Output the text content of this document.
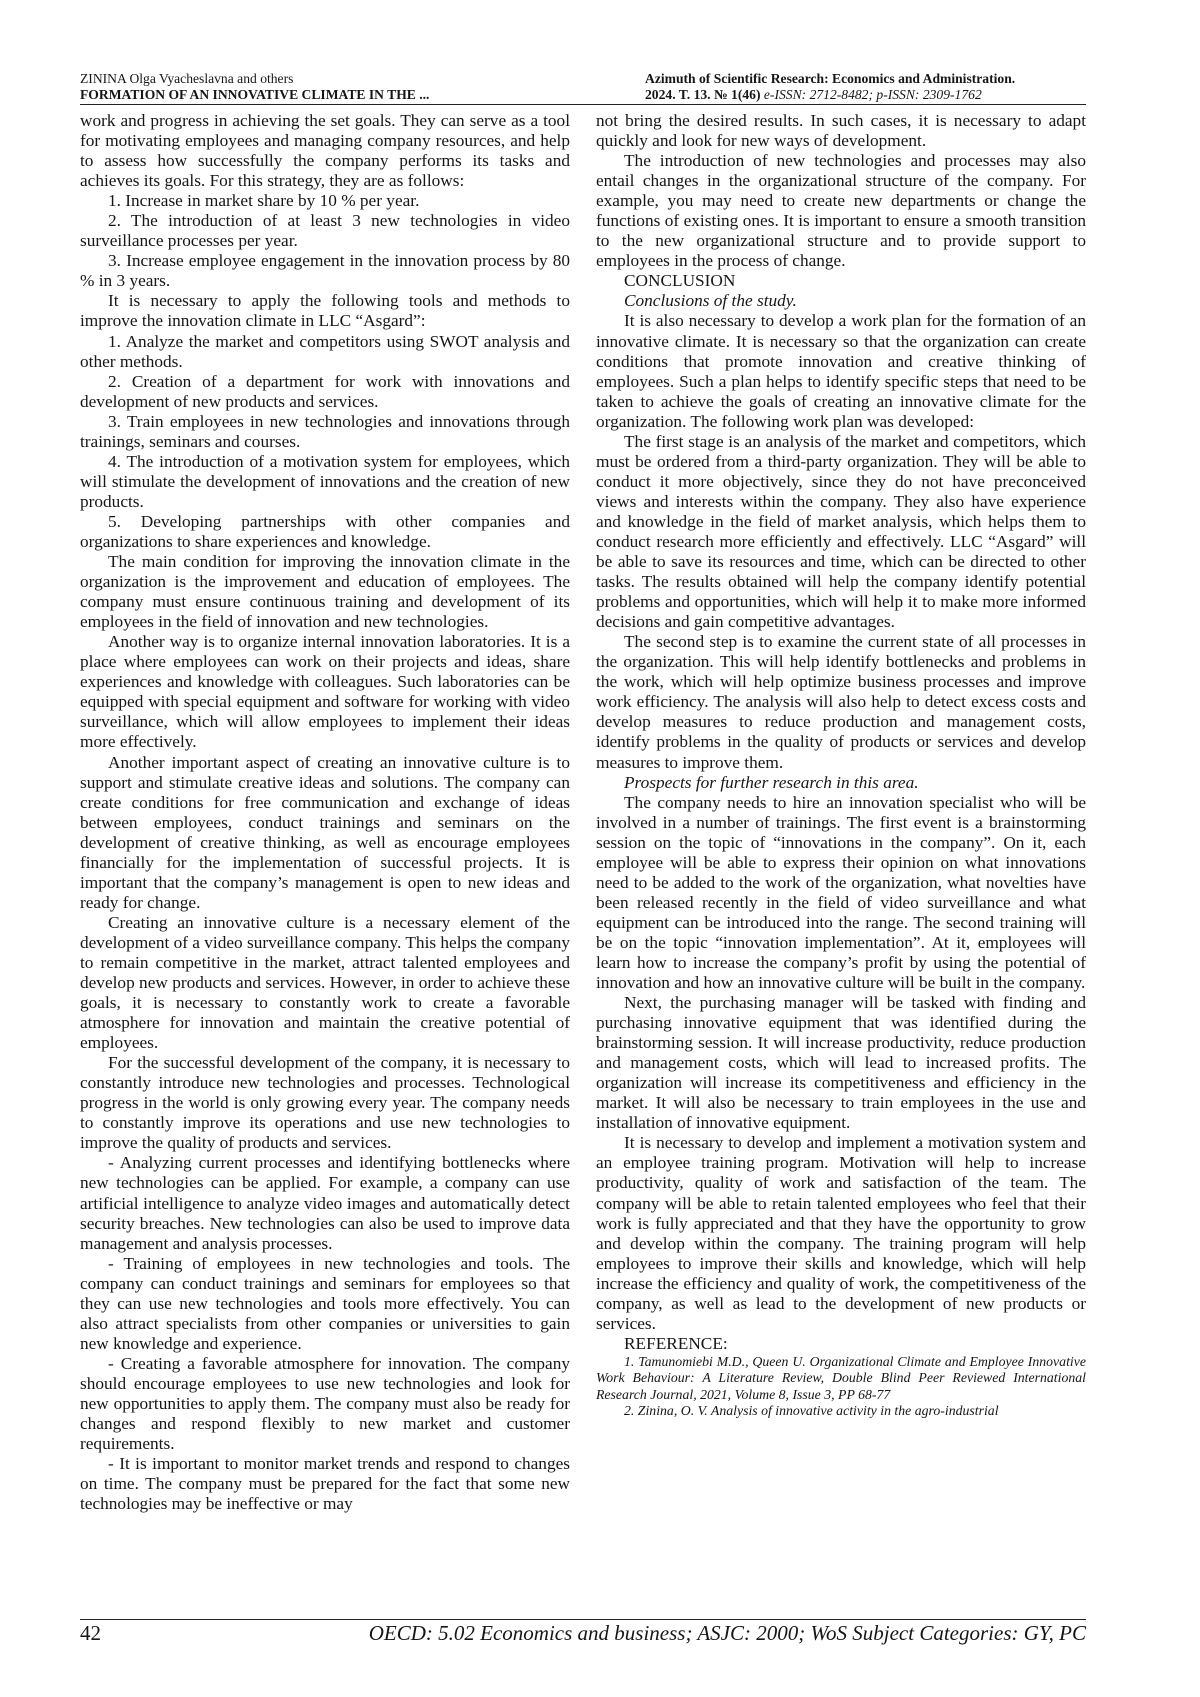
ZININA Olga Vyacheslavna and others
FORMATION OF AN INNOVATIVE CLIMATE IN THE ...
Azimuth of Scientific Research: Economics and Administration.
2024. T. 13. № 1(46) e-ISSN: 2712-8482; p-ISSN: 2309-1762

work and progress in achieving the set goals. They can serve as a tool for motivating employees and managing company resources, and help to assess how successfully the company performs its tasks and achieves its goals. For this strategy, they are as follows:

1. Increase in market share by 10 % per year.

2. The introduction of at least 3 new technologies in video surveillance processes per year.

3. Increase employee engagement in the innovation process by 80 % in 3 years.

It is necessary to apply the following tools and methods to improve the innovation climate in LLC “Asgard”:

1. Analyze the market and competitors using SWOT analysis and other methods.

2. Creation of a department for work with innovations and development of new products and services.

3. Train employees in new technologies and innovations through trainings, seminars and courses.

4. The introduction of a motivation system for employees, which will stimulate the development of innovations and the creation of new products.

5. Developing partnerships with other companies and organizations to share experiences and knowledge.

The main condition for improving the innovation climate in the organization is the improvement and education of employees. The company must ensure continuous training and development of its employees in the field of innovation and new technologies.

Another way is to organize internal innovation laboratories. It is a place where employees can work on their projects and ideas, share experiences and knowledge with colleagues. Such laboratories can be equipped with special equipment and software for working with video surveillance, which will allow employees to implement their ideas more effectively.

Another important aspect of creating an innovative culture is to support and stimulate creative ideas and solutions. The company can create conditions for free communication and exchange of ideas between employees, conduct trainings and seminars on the development of creative thinking, as well as encourage employees financially for the implementation of successful projects. It is important that the company’s management is open to new ideas and ready for change.

Creating an innovative culture is a necessary element of the development of a video surveillance company. This helps the company to remain competitive in the market, attract talented employees and develop new products and services. However, in order to achieve these goals, it is necessary to constantly work to create a favorable atmosphere for innovation and maintain the creative potential of employees.

For the successful development of the company, it is necessary to constantly introduce new technologies and processes. Technological progress in the world is only growing every year. The company needs to constantly improve its operations and use new technologies to improve the quality of products and services.

- Analyzing current processes and identifying bottlenecks where new technologies can be applied. For example, a company can use artificial intelligence to analyze video images and automatically detect security breaches. New technologies can also be used to improve data management and analysis processes.

- Training of employees in new technologies and tools. The company can conduct trainings and seminars for employees so that they can use new technologies and tools more effectively. You can also attract specialists from other companies or universities to gain new knowledge and experience.

- Creating a favorable atmosphere for innovation. The company should encourage employees to use new technologies and look for new opportunities to apply them. The company must also be ready for changes and respond flexibly to new market and customer requirements.

- It is important to monitor market trends and respond to changes on time. The company must be prepared for the fact that some new technologies may be ineffective or may

not bring the desired results. In such cases, it is necessary to adapt quickly and look for new ways of development.

The introduction of new technologies and processes may also entail changes in the organizational structure of the company. For example, you may need to create new departments or change the functions of existing ones. It is important to ensure a smooth transition to the new organizational structure and to provide support to employees in the process of change.

CONCLUSION

Conclusions of the study.

It is also necessary to develop a work plan for the formation of an innovative climate. It is necessary so that the organization can create conditions that promote innovation and creative thinking of employees. Such a plan helps to identify specific steps that need to be taken to achieve the goals of creating an innovative climate for the organization. The following work plan was developed:

The first stage is an analysis of the market and competitors, which must be ordered from a third-party organization. They will be able to conduct it more objectively, since they do not have preconceived views and interests within the company. They also have experience and knowledge in the field of market analysis, which helps them to conduct research more efficiently and effectively. LLC “Asgard” will be able to save its resources and time, which can be directed to other tasks. The results obtained will help the company identify potential problems and opportunities, which will help it to make more informed decisions and gain competitive advantages.

The second step is to examine the current state of all processes in the organization. This will help identify bottlenecks and problems in the work, which will help optimize business processes and improve work efficiency. The analysis will also help to detect excess costs and develop measures to reduce production and management costs, identify problems in the quality of products or services and develop measures to improve them.

Prospects for further research in this area.

The company needs to hire an innovation specialist who will be involved in a number of trainings. The first event is a brainstorming session on the topic of “innovations in the company”. On it, each employee will be able to express their opinion on what innovations need to be added to the work of the organization, what novelties have been released recently in the field of video surveillance and what equipment can be introduced into the range. The second training will be on the topic “innovation implementation”. At it, employees will learn how to increase the company’s profit by using the potential of innovation and how an innovative culture will be built in the company.

Next, the purchasing manager will be tasked with finding and purchasing innovative equipment that was identified during the brainstorming session. It will increase productivity, reduce production and management costs, which will lead to increased profits. The organization will increase its competitiveness and efficiency in the market. It will also be necessary to train employees in the use and installation of innovative equipment.

It is necessary to develop and implement a motivation system and an employee training program. Motivation will help to increase productivity, quality of work and satisfaction of the team. The company will be able to retain talented employees who feel that their work is fully appreciated and that they have the opportunity to grow and develop within the company. The training program will help employees to improve their skills and knowledge, which will help increase the efficiency and quality of work, the competitiveness of the company, as well as lead to the development of new products or services.

REFERENCE:

1. Tamunomiebi M.D., Queen U. Organizational Climate and Employee Innovative Work Behaviour: A Literature Review, Double Blind Peer Reviewed International Research Journal, 2021, Volume 8, Issue 3, PP 68-77

2. Zinina, O. V. Analysis of innovative activity in the agro-industrial

42	OECD: 5.02 Economics and business; ASJC: 2000; WoS Subject Categories: GY, PC
